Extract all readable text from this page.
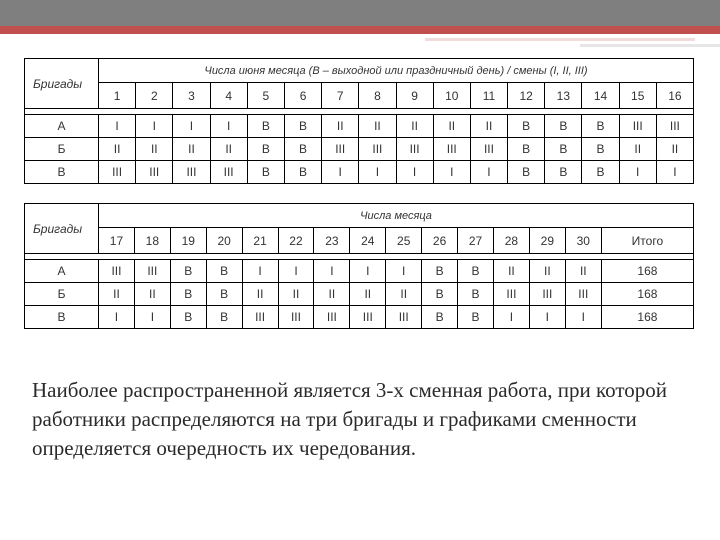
Бригады	Числа июня месяца (В – выходной или праздничный день) / смены (I, II, III)															
	1	2	3	4	5	6	7	8	9	10	11	12	13	14	15	16

А	I	I	I	I	В	В	II	II	II	II	II	В	В	В	III	III
Б	II	II	II	II	В	В	III	III	III	III	III	В	В	В	II	II
В	III	III	III	III	В	В	I	I	I	I	I	В	В	В	I	I
Бригады	Числа месяца														
	17	18	19	20	21	22	23	24	25	26	27	28	29	30	Итого

А	III	III	В	В	I	I	I	I	I	В	В	II	II	II	168
Б	II	II	В	В	II	II	II	II	II	В	В	III	III	III	168
В	I	I	В	В	III	III	III	III	III	В	В	I	I	I	168

Наиболее распространенной является 3-х сменная работа, при которой работники распределяются на три бригады и графиками сменности определяется очередность их чередования.
